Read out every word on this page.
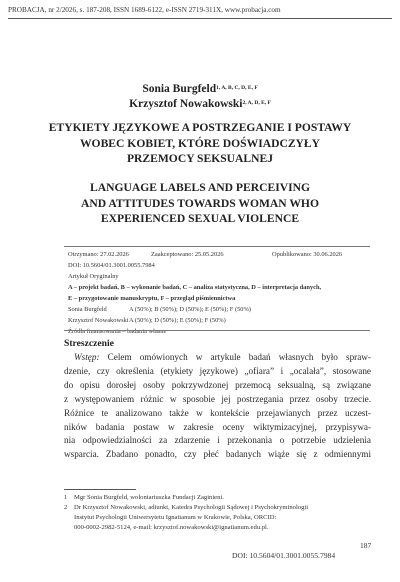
PROBACJA, nr 2/2026, s. 187-208, ISSN 1689-6122, e-ISSN 2719-311X, www.probacja.com
Sonia Burgfeld$^{1, A, B, C, D, E, F}$
Krzysztof Nowakowski$^{2, A, D, E, F}$
ETYKIETY JĘZYKOWE A POSTRZEGANIE I POSTAWY
WOBEC KOBIET, KTÓRE DOŚWIADCZYŁY
PRZEMOCY SEKSUALNEJ
LANGUAGE LABELS AND PERCEIVING
AND ATTITUDES TOWARDS WOMAN WHO
EXPERIENCED SEXUAL VIOLENCE
Otrzymano: 27.02.2026	Zaakceptowano: 25.05.2026	Opublikowano: 30.06.2026
DOI: 10.5604/01.3001.0055.7984
Artykuł Oryginalny
A – projekt badań, B – wykonanie badań, C – analiza statystyczna, D – interpretacja danych,
E – przygotowanie manuskryptu, F – przegląd piśmiennictwa
Sonia Burgfeld	A (50%); B (50%); D (50%); E (50%); F (50%)
Krzysztof Nowakowski A (50%); D (50%); E (50%); F (50%)
Źródła finansowania – badania własne
Streszczenie
Wstęp: Celem omówionych w artykule badań własnych było spraw-
dzenie, czy określenia (etykiety językowe) „ofiara” i „ocalała”, stosowane
do opisu dorosłej osoby pokrzywdzonej przemocą seksualną, są związane
z występowaniem różnic w sposobie jej postrzegania przez osoby trzecie.
Różnice te analizowano także w kontekście przejawianych przez uczest-
ników badania postaw w zakresie oceny wiktymizacyjnej, przypisywa-
nia odpowiedzialności za zdarzenie i przekonania o potrzebie udzielenia
wsparcia. Zbadano ponadto, czy płeć badanych wiąże się z odmiennymi
1	Mgr Sonia Burgfeld, wolontariuszka Fundacji Zaginieni.
2	Dr Krzysztof Nowakowski, adiunkt, Katedra Psychologii Sądowej i Psychokryminologii
Instytut Psychologii Uniwersytetu Ignatianum w Krakowie, Polska, ORCID:
000-0002-2982-5124, e-mail: krzysztof.nowakowski@ignatianum.edu.pl.
187
DOI: 10.5604/01.3001.0055.7984
